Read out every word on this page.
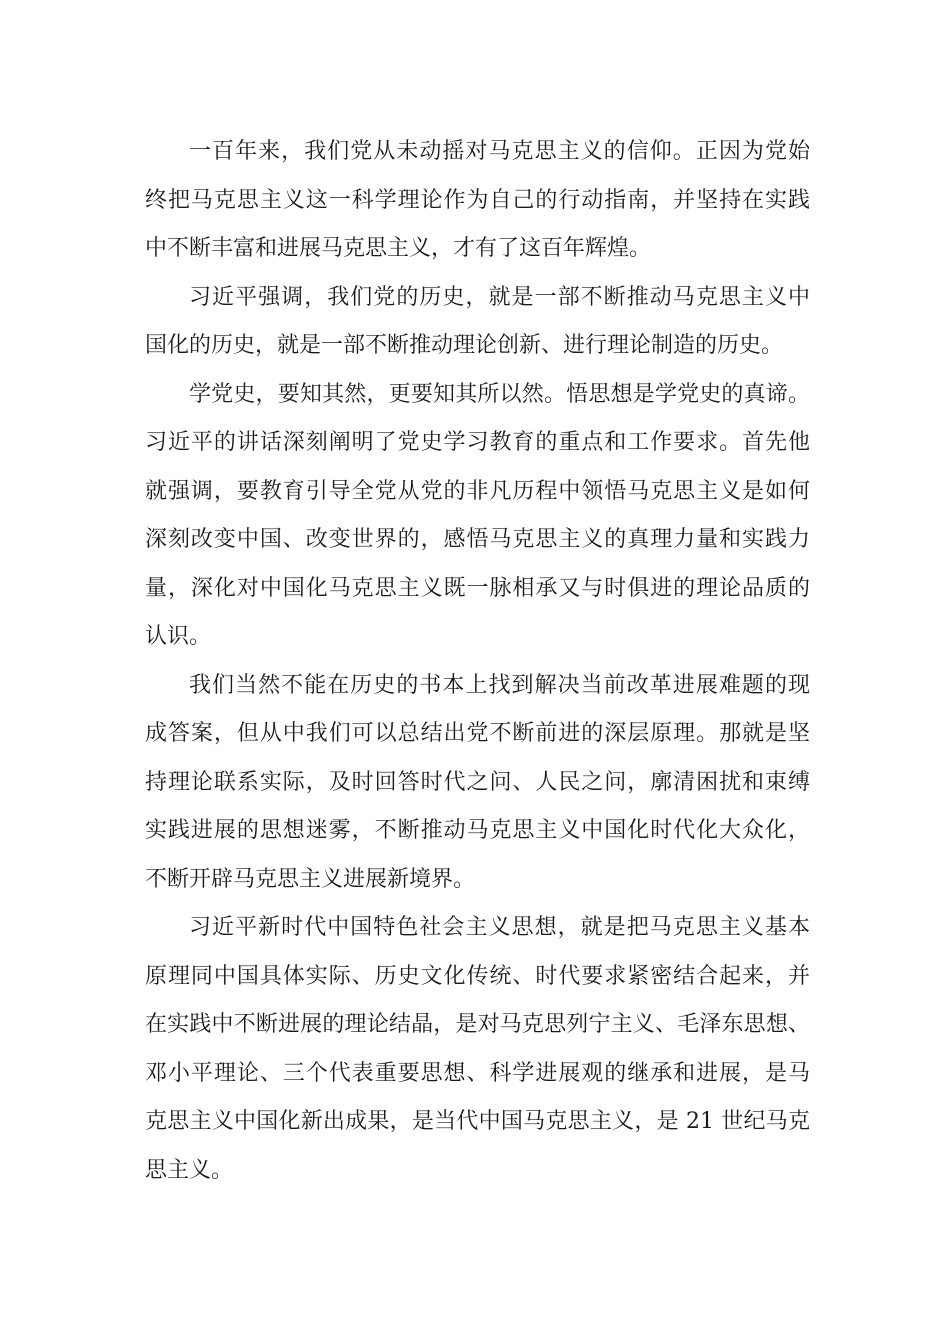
一百年来，我们党从未动摇对马克思主义的信仰。正因为党始
终把马克思主义这一科学理论作为自己的行动指南，并坚持在实践
中不断丰富和进展马克思主义，才有了这百年辉煌。
习近平强调，我们党的历史，就是一部不断推动马克思主义中
国化的历史，就是一部不断推动理论创新、进行理论制造的历史。
学党史，要知其然，更要知其所以然。悟思想是学党史的真谛。
习近平的讲话深刻阐明了党史学习教育的重点和工作要求。首先他
就强调，要教育引导全党从党的非凡历程中领悟马克思主义是如何
深刻改变中国、改变世界的，感悟马克思主义的真理力量和实践力
量，深化对中国化马克思主义既一脉相承又与时俱进的理论品质的
认识。
我们当然不能在历史的书本上找到解决当前改革进展难题的现
成答案，但从中我们可以总结出党不断前进的深层原理。那就是坚
持理论联系实际，及时回答时代之问、人民之问，廓清困扰和束缚
实践进展的思想迷雾，不断推动马克思主义中国化时代化大众化，
不断开辟马克思主义进展新境界。
习近平新时代中国特色社会主义思想，就是把马克思主义基本
原理同中国具体实际、历史文化传统、时代要求紧密结合起来，并
在实践中不断进展的理论结晶，是对马克思列宁主义、毛泽东思想、
邓小平理论、三个代表重要思想、科学进展观的继承和进展，是马
克思主义中国化新出成果，是当代中国马克思主义，是 21 世纪马克
思主义。
